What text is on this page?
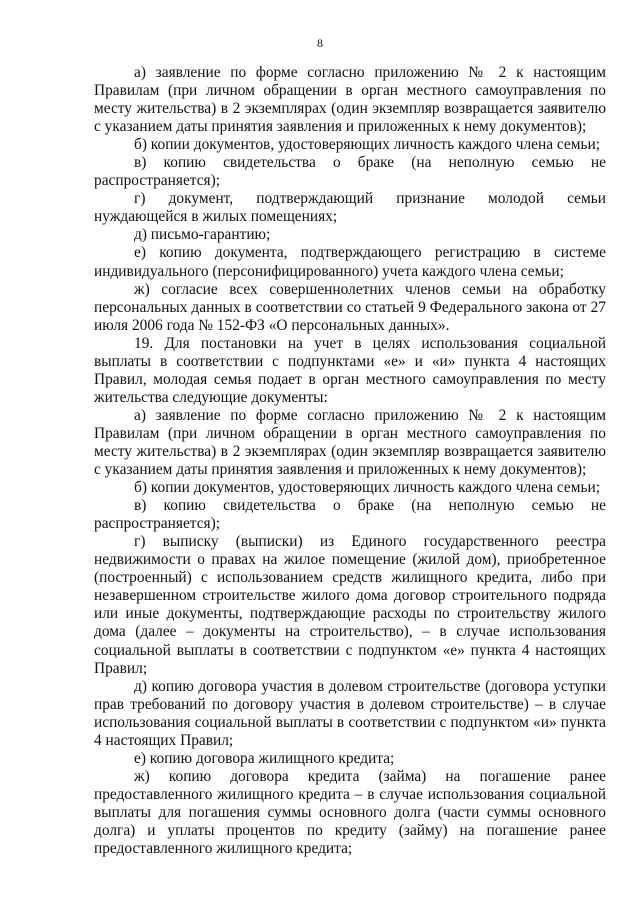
8

а) заявление по форме согласно приложению № 2 к настоящим Правилам (при личном обращении в орган местного самоуправления по месту жительства) в 2 экземплярах (один экземпляр возвращается заявителю с указанием даты принятия заявления и приложенных к нему документов);

б) копии документов, удостоверяющих личность каждого члена семьи;

в) копию свидетельства о браке (на неполную семью не распространяется);

г) документ, подтверждающий признание молодой семьи нуждающейся в жилых помещениях;

д) письмо-гарантию;

е) копию документа, подтверждающего регистрацию в системе индивидуального (персонифицированного) учета каждого члена семьи;

ж) согласие всех совершеннолетних членов семьи на обработку персональных данных в соответствии со статьей 9 Федерального закона от 27 июля 2006 года № 152-ФЗ «О персональных данных».

19. Для постановки на учет в целях использования социальной выплаты в соответствии с подпунктами «е» и «и» пункта 4 настоящих Правил, молодая семья подает в орган местного самоуправления по месту жительства следующие документы:

а) заявление по форме согласно приложению № 2 к настоящим Правилам (при личном обращении в орган местного самоуправления по месту жительства) в 2 экземплярах (один экземпляр возвращается заявителю с указанием даты принятия заявления и приложенных к нему документов);

б) копии документов, удостоверяющих личность каждого члена семьи;

в) копию свидетельства о браке (на неполную семью не распространяется);

г) выписку (выписки) из Единого государственного реестра недвижимости о правах на жилое помещение (жилой дом), приобретенное (построенный) с использованием средств жилищного кредита, либо при незавершенном строительстве жилого дома договор строительного подряда или иные документы, подтверждающие расходы по строительству жилого дома (далее – документы на строительство), – в случае использования социальной выплаты в соответствии с подпунктом «е» пункта 4 настоящих Правил;

д) копию договора участия в долевом строительстве (договора уступки прав требований по договору участия в долевом строительстве) – в случае использования социальной выплаты в соответствии с подпунктом «и» пункта 4 настоящих Правил;

е) копию договора жилищного кредита;

ж) копию договора кредита (займа) на погашение ранее предоставленного жилищного кредита – в случае использования социальной выплаты для погашения суммы основного долга (части суммы основного долга) и уплаты процентов по кредиту (займу) на погашение ранее предоставленного жилищного кредита;
